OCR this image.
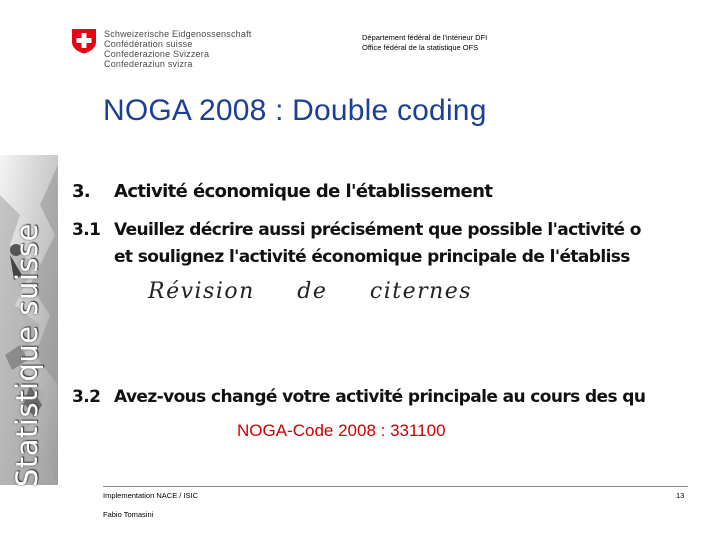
Schweizerische Eidgenossenschaft
Confédération suisse
Confederazione Svizzera
Confederaziun svizra
Département fédéral de l'intérieur DFI
Office fédéral de la statistique OFS
NOGA 2008 : Double coding
Statistique suisse
3. Activité économique de l'établissement
3.1 Veuillez décrire aussi précisément que possible l'activité o
et soulignez l'activité économique principale de l'établiss
Révision de citernes
3.2 Avez-vous changé votre activité principale au cours des qu
NOGA-Code 2008 : 331100
Implementation NACE / ISIC
Fabio Tomasini
13
